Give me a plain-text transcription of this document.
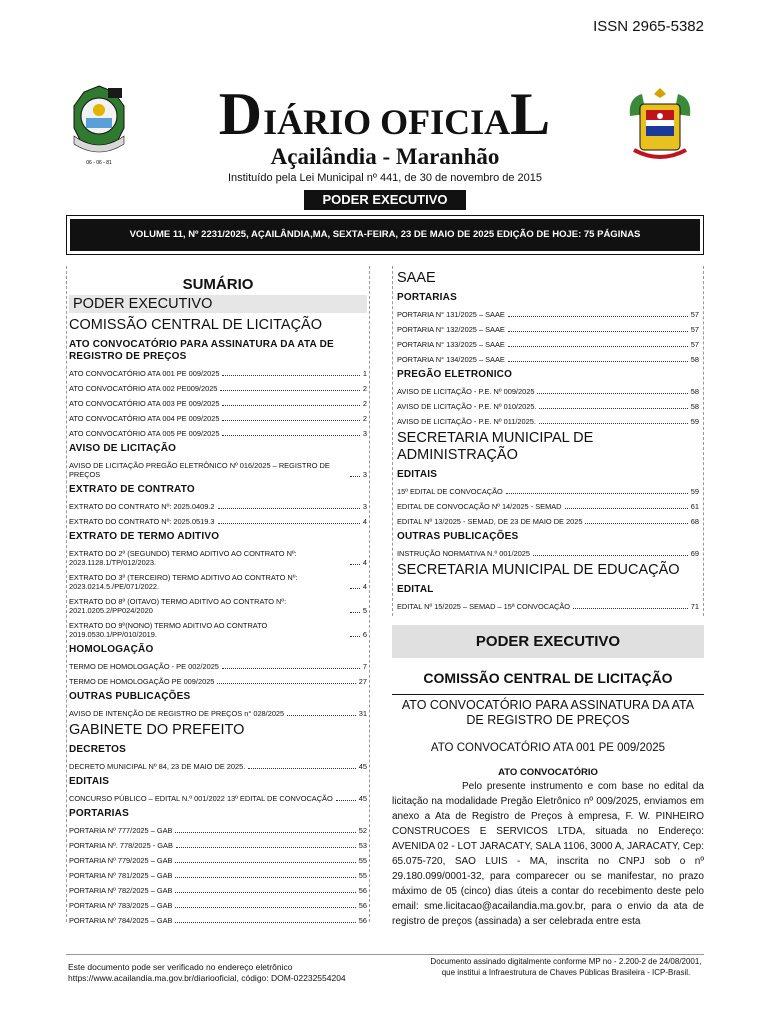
ISSN 2965-5382
06 - 06 - 81
DIÁRIO OFICIAL
Açailândia - Maranhão
Instituído pela Lei Municipal nº 441, de 30 de novembro de 2015
PODER EXECUTIVO
VOLUME 11, Nº 2231/2025, AÇAILÂNDIA,MA, SEXTA-FEIRA, 23 DE MAIO DE 2025 EDIÇÃO DE HOJE: 75 PÁGINAS
SUMÁRIO
PODER EXECUTIVO
COMISSÃO CENTRAL DE LICITAÇÃO
ATO CONVOCATÓRIO PARA ASSINATURA DA ATA DE REGISTRO DE PREÇOS
ATO CONVOCATÓRIO ATA 001 PE 009/2025	1
ATO CONVOCATÓRIO ATA 002 PE009/2025	2
ATO CONVOCATÓRIO ATA 003 PE 009/2025	2
ATO CONVOCATÓRIO ATA 004 PE 009/2025	2
ATO CONVOCATÓRIO ATA 005 PE 009/2025	3
AVISO DE LICITAÇÃO
AVISO DE LICITAÇÃO PREGÃO ELETRÔNICO Nº 016/2025 – REGISTRO DE PREÇOS	3
EXTRATO DE CONTRATO
EXTRATO DO CONTRATO Nº: 2025.0409.2	3
EXTRATO DO CONTRATO Nº: 2025.0519.3	4
EXTRATO DE TERMO ADITIVO
EXTRATO DO 2º (SEGUNDO) TERMO ADITIVO AO CONTRATO Nº: 2023.1128.1/TP/012/2023.	4
EXTRATO DO 3º (TERCEIRO) TERMO ADITIVO AO CONTRATO Nº: 2023.0214.5./PE/071/2022.	4
EXTRATO DO 8º (OITAVO) TERMO ADITIVO AO CONTRATO Nº: 2021.0205.2/PP024/2020	5
EXTRATO DO 9º(NONO) TERMO ADITIVO AO CONTRATO 2019.0530.1/PP/010/2019.	6
HOMOLOGAÇÃO
TERMO DE HOMOLOGAÇÃO - PE 002/2025	7
TERMO DE HOMOLOGAÇÃO PE 009/2025	27
OUTRAS PUBLICAÇÕES
AVISO DE INTENÇÃO DE REGISTRO DE PREÇOS n° 028/2025	31
GABINETE DO PREFEITO
DECRETOS
DECRETO MUNICIPAL Nº 84, 23 DE MAIO DE 2025.	45
EDITAIS
CONCURSO PÚBLICO – EDITAL N.º 001/2022 13º EDITAL DE CONVOCAÇÃO	45
PORTARIAS
PORTARIA Nº 777/2025 – GAB	52
PORTARIA Nº. 778/2025 - GAB	53
PORTARIA Nº 779/2025 – GAB	55
PORTARIA Nº 781/2025 – GAB	55
PORTARIA Nº 782/2025 – GAB	56
PORTARIA Nº 783/2025 – GAB	56
PORTARIA Nº 784/2025 – GAB	56
SAAE
PORTARIAS
PORTARIA N° 131/2025 – SAAE	57
PORTARIA N° 132/2025 – SAAE	57
PORTARIA N° 133/2025 – SAAE	57
PORTARIA N° 134/2025 – SAAE	58
PREGÃO ELETRONICO
AVISO DE LICITAÇÃO - P.E. Nº 009/2025	58
AVISO DE LICITAÇÃO - P.E. Nº 010/2025.	58
AVISO DE LICITAÇÃO - P.E. Nº 011/2025.	59
SECRETARIA MUNICIPAL DE ADMINISTRAÇÃO
EDITAIS
15º EDITAL DE CONVOCAÇÃO	59
EDITAL DE CONVOCAÇÃO Nº 14/2025 - SEMAD	61
EDITAL Nº 13/2025 - SEMAD, DE 23 DE MAIO DE 2025	68
OUTRAS PUBLICAÇÕES
INSTRUÇÃO NORMATIVA N.º 001/2025	69
SECRETARIA MUNICIPAL DE EDUCAÇÃO
EDITAL
EDITAL Nº 15/2025 – SEMAD – 15ª CONVOCAÇÃO	71
PODER EXECUTIVO
COMISSÃO CENTRAL DE LICITAÇÃO
ATO CONVOCATÓRIO PARA ASSINATURA DA ATA DE REGISTRO DE PREÇOS
ATO CONVOCATÓRIO ATA 001 PE 009/2025
ATO CONVOCATÓRIO
Pelo presente instrumento e com base no edital da licitação na modalidade Pregão Eletrônico nº 009/2025, enviamos em anexo a Ata de Registro de Preços à empresa, F. W. PINHEIRO CONSTRUCOES E SERVICOS LTDA, situada no Endereço: AVENIDA 02 - LOT JARACATY, SALA 1106, 3000 A, JARACATY, Cep: 65.075-720, SAO LUIS - MA, inscrita no CNPJ sob o nº 29.180.099/0001-32, para comparecer ou se manifestar, no prazo máximo de 05 (cinco) dias úteis a contar do recebimento deste pelo email: sme.licitacao@acailandia.ma.gov.br, para o envio da ata de registro de preços (assinada) a ser celebrada entre esta
Este documento pode ser verificado no endereço eletrônico https://www.acailandia.ma.gov.br/diariooficial, código: DOM-02232554204
Documento assinado digitalmente conforme MP no - 2.200-2 de 24/08/2001, que institui a Infraestrutura de Chaves Públicas Brasileira - ICP-Brasil.
